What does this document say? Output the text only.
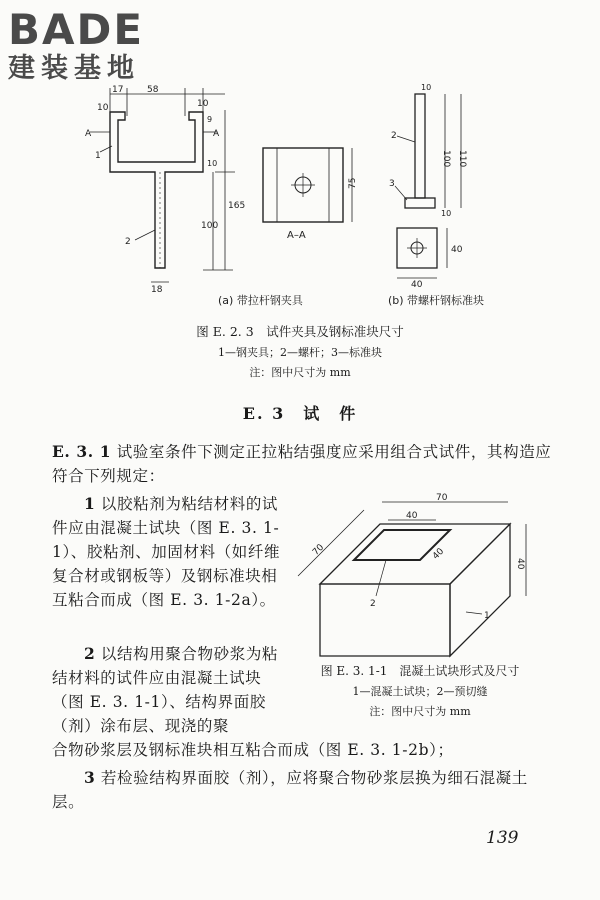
BADE
建装基地
10
17	58
10
A	A
9
10
165
100
18
1
2
75
A–A
10
100 110
10
2
3
40
40
(a) 带拉杆钢夹具	(b) 带螺杆钢标准块
图 E. 2. 3　试件夹具及钢标准块尺寸
1—钢夹具；2—螺杆；3—标准块
注：图中尺寸为 mm
E. 3　试　件
E. 3. 1 试验室条件下测定正拉粘结强度应采用组合式试件，其构造应符合下列规定：
1 以胶粘剂为粘结材料的试件应由混凝土试块（图 E. 3. 1-1）、胶粘剂、加固材料（如纤维复合材或钢板等）及钢标准块相互粘合而成（图 E. 3. 1-2a）。
2 以结构用聚合物砂浆为粘结材料的试件应由混凝土试块（图 E. 3. 1-1）、结构界面胶（剂）涂布层、现浇的聚
合物砂浆层及钢标准块相互粘合而成（图 E. 3. 1-2b）；
3 若检验结构界面胶（剂），应将聚合物砂浆层换为细石混凝土层。
70
40
70	40
40
2
1
图 E. 3. 1-1　混凝土试块形式及尺寸
1—混凝土试块；2—预切缝
注：图中尺寸为 mm
139
